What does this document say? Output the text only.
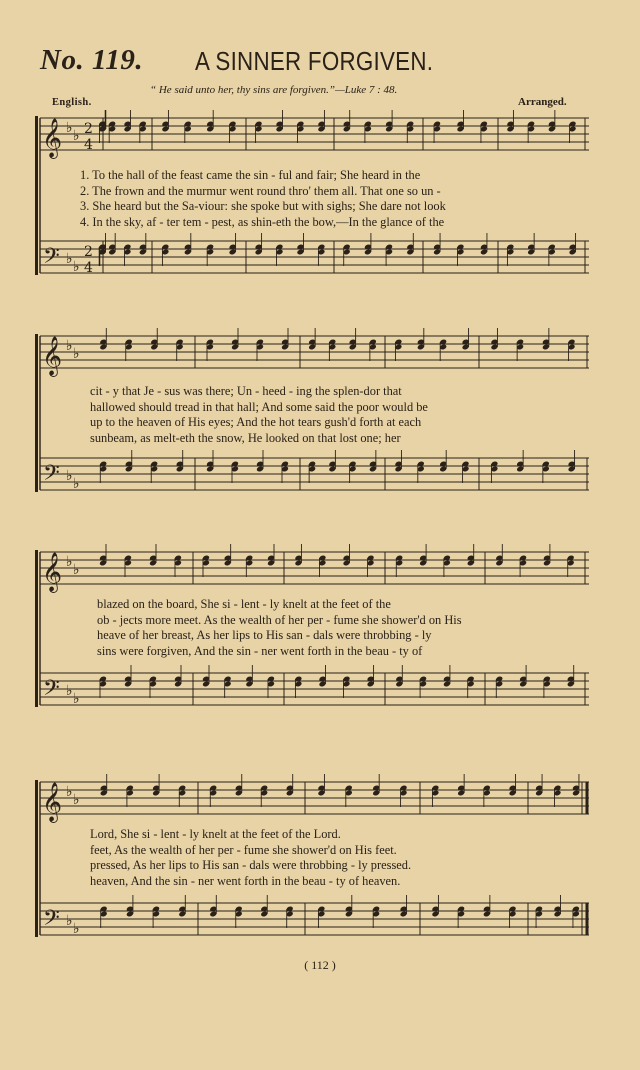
No. 119. A SINNER FORGIVEN.
“ He said unto her, thy sins are forgiven.”—Luke 7 : 48.
English.	Arranged.
𝄞
𝄢
♭ ♭
♭ ♭
2
4
2
4
𝄞
𝄢
♭ ♭
♭ ♭
𝄞
𝄢
♭ ♭
♭ ♭
𝄞
𝄢
♭ ♭
♭ ♭
1. To the hall of the feast came the sin - ful and fair; She heard in the
2. The frown and the murmur went round thro' them all. That one so un -
3. She heard but the Sa-viour: she spoke but with sighs; She dare not look
4. In the sky, af - ter tem - pest, as shin-eth the bow,—In the glance of the
cit - y that Je - sus was there; Un - heed - ing the splen-dor that
hallowed should tread in that hall; And some said the poor would be
up to the heaven of His eyes; And the hot tears gush'd forth at each
sunbeam, as melt-eth the snow, He looked on that lost one; her
blazed on the board, She si - lent - ly knelt at the feet of the
ob - jects more meet. As the wealth of her per - fume she shower'd on His
heave of her breast, As her lips to His san - dals were throbbing - ly
sins were forgiven, And the sin - ner went forth in the beau - ty of
Lord, She si - lent - ly knelt at the feet of the Lord.
feet, As the wealth of her per - fume she shower'd on His feet.
pressed, As her lips to His san - dals were throbbing - ly pressed.
heaven, And the sin - ner went forth in the beau - ty of heaven.
( 112 )
